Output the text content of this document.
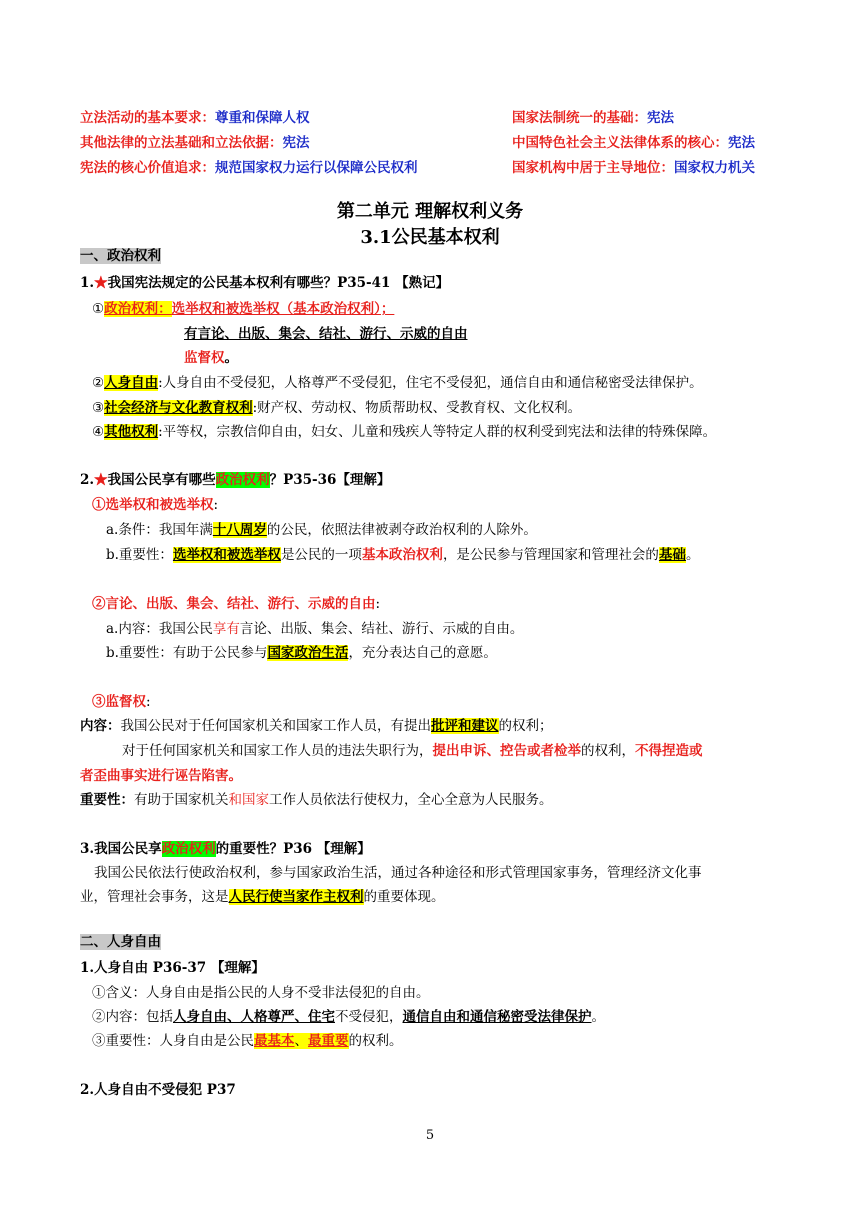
立法活动的基本要求：尊重和保障人权	国家法制统一的基础：宪法
其他法律的立法基础和立法依据：宪法	中国特色社会主义法律体系的核心：宪法
宪法的核心价值追求：规范国家权力运行以保障公民权利	国家机构中居于主导地位：国家权力机关
第二单元 理解权利义务
3.1公民基本权利
一、政治权利
1.★我国宪法规定的公民基本权利有哪些？P35-41 【熟记】
①政治权利：选举权和被选举权（基本政治权利）；
有言论、出版、集会、结社、游行、示威的自由
监督权。
②人身自由:人身自由不受侵犯，人格尊严不受侵犯，住宅不受侵犯，通信自由和通信秘密受法律保护。
③社会经济与文化教育权利:财产权、劳动权、物质帮助权、受教育权、文化权利。
④其他权利:平等权，宗教信仰自由，妇女、儿童和残疾人等特定人群的权利受到宪法和法律的特殊保障。
2.★我国公民享有哪些政治权利？P35-36【理解】
①选举权和被选举权:
a.条件：我国年满十八周岁的公民，依照法律被剥夺政治权利的人除外。
b.重要性：选举权和被选举权是公民的一项基本政治权利，是公民参与管理国家和管理社会的基础。
②言论、出版、集会、结社、游行、示威的自由:
a.内容：我国公民享有言论、出版、集会、结社、游行、示威的自由。
b.重要性：有助于公民参与国家政治生活，充分表达自己的意愿。
③监督权:
内容：我国公民对于任何国家机关和国家工作人员，有提出批评和建议的权利；
对于任何国家机关和国家工作人员的违法失职行为，提出申诉、控告或者检举的权利，不得捏造或
者歪曲事实进行诬告陷害。
重要性：有助于国家机关和国家工作人员依法行使权力，全心全意为人民服务。
3.我国公民享政治权利的重要性？P36 【理解】
我国公民依法行使政治权利，参与国家政治生活，通过各种途径和形式管理国家事务，管理经济文化事
业，管理社会事务，这是人民行使当家作主权利的重要体现。
二、人身自由
1.人身自由 P36-37 【理解】
①含义：人身自由是指公民的人身不受非法侵犯的自由。
②内容：包括人身自由、人格尊严、住宅不受侵犯，通信自由和通信秘密受法律保护。
③重要性：人身自由是公民最基本、最重要的权利。
2.人身自由不受侵犯 P37
5
